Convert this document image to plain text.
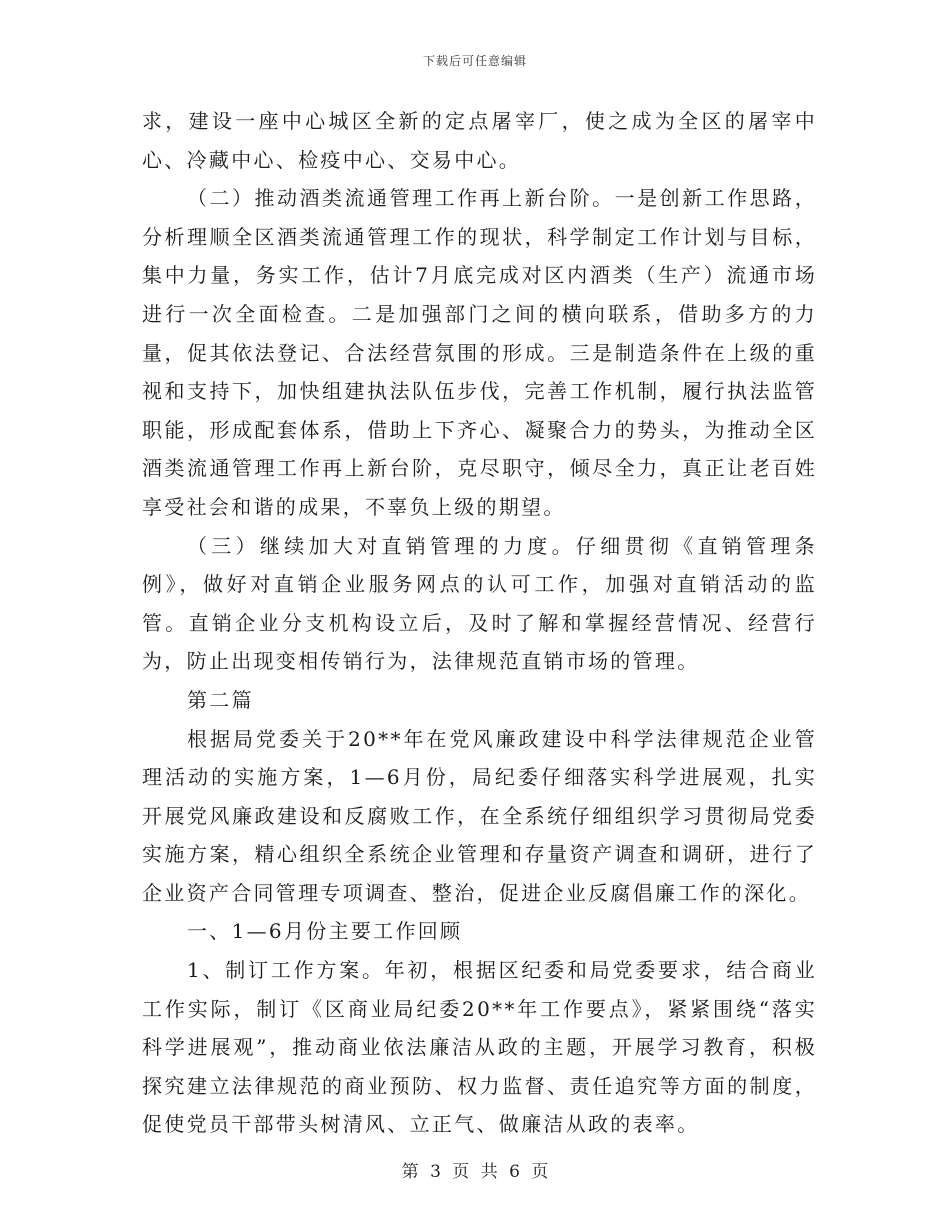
下载后可任意编辑

求，建设一座中心城区全新的定点屠宰厂，使之成为全区的屠宰中心、冷藏中心、检疫中心、交易中心。

（二）推动酒类流通管理工作再上新台阶。一是创新工作思路，分析理顺全区酒类流通管理工作的现状，科学制定工作计划与目标，集中力量，务实工作，估计7月底完成对区内酒类（生产）流通市场进行一次全面检查。二是加强部门之间的横向联系，借助多方的力量，促其依法登记、合法经营氛围的形成。三是制造条件在上级的重视和支持下，加快组建执法队伍步伐，完善工作机制，履行执法监管职能，形成配套体系，借助上下齐心、凝聚合力的势头，为推动全区酒类流通管理工作再上新台阶，克尽职守，倾尽全力，真正让老百姓享受社会和谐的成果，不辜负上级的期望。

（三）继续加大对直销管理的力度。仔细贯彻《直销管理条例》，做好对直销企业服务网点的认可工作，加强对直销活动的监管。直销企业分支机构设立后，及时了解和掌握经营情况、经营行为，防止出现变相传销行为，法律规范直销市场的管理。

第二篇

根据局党委关于20**年在党风廉政建设中科学法律规范企业管理活动的实施方案，1—6月份，局纪委仔细落实科学进展观，扎实开展党风廉政建设和反腐败工作，在全系统仔细组织学习贯彻局党委实施方案，精心组织全系统企业管理和存量资产调查和调研，进行了企业资产合同管理专项调查、整治，促进企业反腐倡廉工作的深化。

一、1—6月份主要工作回顾

1、制订工作方案。年初，根据区纪委和局党委要求，结合商业工作实际，制订《区商业局纪委20**年工作要点》，紧紧围绕“落实科学进展观”，推动商业依法廉洁从政的主题，开展学习教育，积极探究建立法律规范的商业预防、权力监督、责任追究等方面的制度，促使党员干部带头树清风、立正气、做廉洁从政的表率。

第 3 页 共 6 页
